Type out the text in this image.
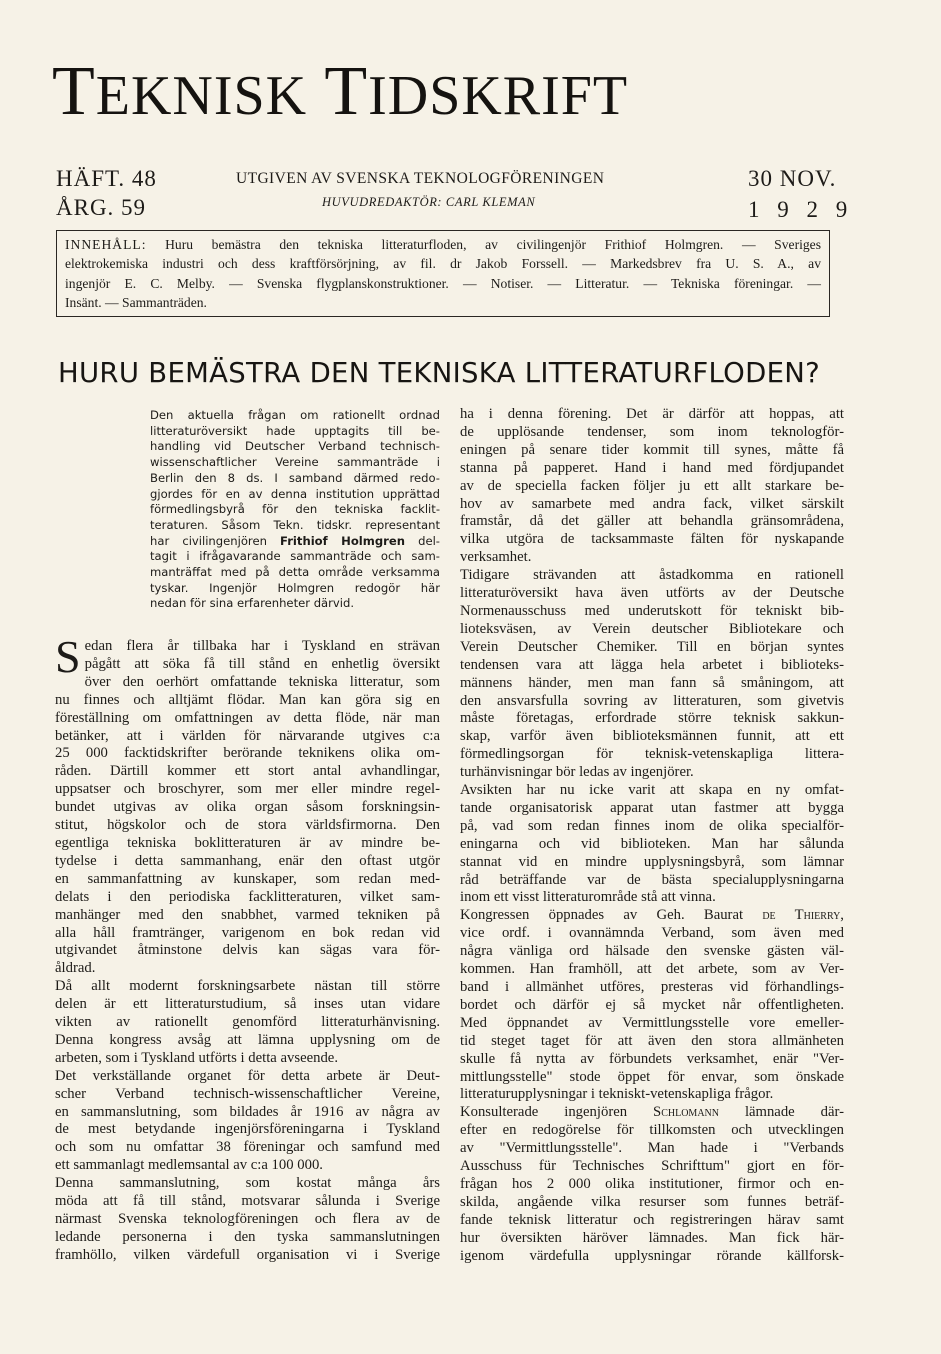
TEKNISK TIDSKRIFT
HÄFT. 48
ÅRG. 59
UTGIVEN AV SVENSKA TEKNOLOGFÖRENINGEN
HUVUDREDAKTÖR: CARL KLEMAN
30 NOV.
1 9 2 9
INNEHÅLL: Huru bemästra den tekniska litteraturfloden, av civilingenjör Frithiof Holmgren. — Sveriges
elektrokemiska industri och dess kraftförsörjning, av fil. dr Jakob Forssell. — Markedsbrev fra U. S. A., av
ingenjör E. C. Melby. — Svenska flygplanskonstruktioner. — Notiser. — Litteratur. — Tekniska föreningar. —
Insänt. — Sammanträden.
HURU BEMÄSTRA DEN TEKNISKA LITTERATURFLODEN?
Den aktuella frågan om rationellt ordnad
litteraturöversikt hade upptagits till be-
handling vid Deutscher Verband technisch-
wissenschaftlicher Vereine sammanträde i
Berlin den 8 ds. I samband därmed redo-
gjordes för en av denna institution upprättad
förmedlingsbyrå för den tekniska facklit-
teraturen. Såsom Tekn. tidskr. representant
har civilingenjören Frithiof Holmgren del-
tagit i ifrågavarande sammanträde och sam-
manträffat med på detta område verksamma
tyskar. Ingenjör Holmgren redogör här
nedan för sina erfarenheter därvid.
S edan flera år tillbaka har i Tyskland en strävan
pågått att söka få till stånd en enhetlig översikt
över den oerhört omfattande tekniska litteratur, som
nu finnes och alltjämt flödar. Man kan göra sig en
föreställning om omfattningen av detta flöde, när man
betänker, att i världen för närvarande utgives c:a
25 000 facktidskrifter berörande teknikens olika om-
råden. Därtill kommer ett stort antal avhandlingar,
uppsatser och broschyrer, som mer eller mindre regel-
bundet utgivas av olika organ såsom forskningsin-
stitut, högskolor och de stora världsfirmorna. Den
egentliga tekniska boklitteraturen är av mindre be-
tydelse i detta sammanhang, enär den oftast utgör
en sammanfattning av kunskaper, som redan med-
delats i den periodiska facklitteraturen, vilket sam-
manhänger med den snabbhet, varmed tekniken på
alla håll framtränger, varigenom en bok redan vid
utgivandet åtminstone delvis kan sägas vara för-
åldrad.
Då allt modernt forskningsarbete nästan till större
delen är ett litteraturstudium, så inses utan vidare
vikten av rationellt genomförd litteraturhänvisning.
Denna kongress avsåg att lämna upplysning om de
arbeten, som i Tyskland utförts i detta avseende.
Det verkställande organet för detta arbete är Deut-
scher Verband technisch-wissenschaftlicher Vereine,
en sammanslutning, som bildades år 1916 av några av
de mest betydande ingenjörsföreningarna i Tyskland
och som nu omfattar 38 föreningar och samfund med
ett sammanlagt medlemsantal av c:a 100 000.
Denna sammanslutning, som kostat många års
möda att få till stånd, motsvarar sålunda i Sverige
närmast Svenska teknologföreningen och flera av de
ledande personerna i den tyska sammanslutningen
framhöllo, vilken värdefull organisation vi i Sverige
ha i denna förening. Det är därför att hoppas, att
de upplösande tendenser, som inom teknologför-
eningen på senare tider kommit till synes, måtte få
stanna på papperet. Hand i hand med fördjupandet
av de speciella facken följer ju ett allt starkare be-
hov av samarbete med andra fack, vilket särskilt
framstår, då det gäller att behandla gränsområdena,
vilka utgöra de tacksammaste fälten för nyskapande
verksamhet.
Tidigare strävanden att åstadkomma en rationell
litteraturöversikt hava även utförts av der Deutsche
Normenausschuss med underutskott för tekniskt bib-
lioteksväsen, av Verein deutscher Bibliotekare och
Verein Deutscher Chemiker. Till en början syntes
tendensen vara att lägga hela arbetet i biblioteks-
männens händer, men man fann så småningom, att
den ansvarsfulla sovring av litteraturen, som givetvis
måste företagas, erfordrade större teknisk sakkun-
skap, varför även biblioteksmännen funnit, att ett
förmedlingsorgan för teknisk-vetenskapliga littera-
turhänvisningar bör ledas av ingenjörer.
Avsikten har nu icke varit att skapa en ny omfat-
tande organisatorisk apparat utan fastmer att bygga
på, vad som redan finnes inom de olika specialför-
eningarna och vid biblioteken. Man har sålunda
stannat vid en mindre upplysningsbyrå, som lämnar
råd beträffande var de bästa specialupplysningarna
inom ett visst litteraturområde stå att vinna.
Kongressen öppnades av Geh. Baurat de Thierry,
vice ordf. i ovannämnda Verband, som även med
några vänliga ord hälsade den svenske gästen väl-
kommen. Han framhöll, att det arbete, som av Ver-
band i allmänhet utföres, presteras vid förhandlings-
bordet och därför ej så mycket når offentligheten.
Med öppnandet av Vermittlungsstelle vore emeller-
tid steget taget för att även den stora allmänheten
skulle få nytta av förbundets verksamhet, enär "Ver-
mittlungsstelle" stode öppet för envar, som önskade
litteraturupplysningar i tekniskt-vetenskapliga frågor.
Konsulterade ingenjören Schlomann lämnade där-
efter en redogörelse för tillkomsten och utvecklingen
av "Vermittlungsstelle". Man hade i "Verbands
Ausschuss für Technisches Schrifttum" gjort en för-
frågan hos 2 000 olika institutioner, firmor och en-
skilda, angående vilka resurser som funnes beträf-
fande teknisk litteratur och registreringen härav samt
hur översikten häröver lämnades. Man fick här-
igenom värdefulla upplysningar rörande källforsk-
